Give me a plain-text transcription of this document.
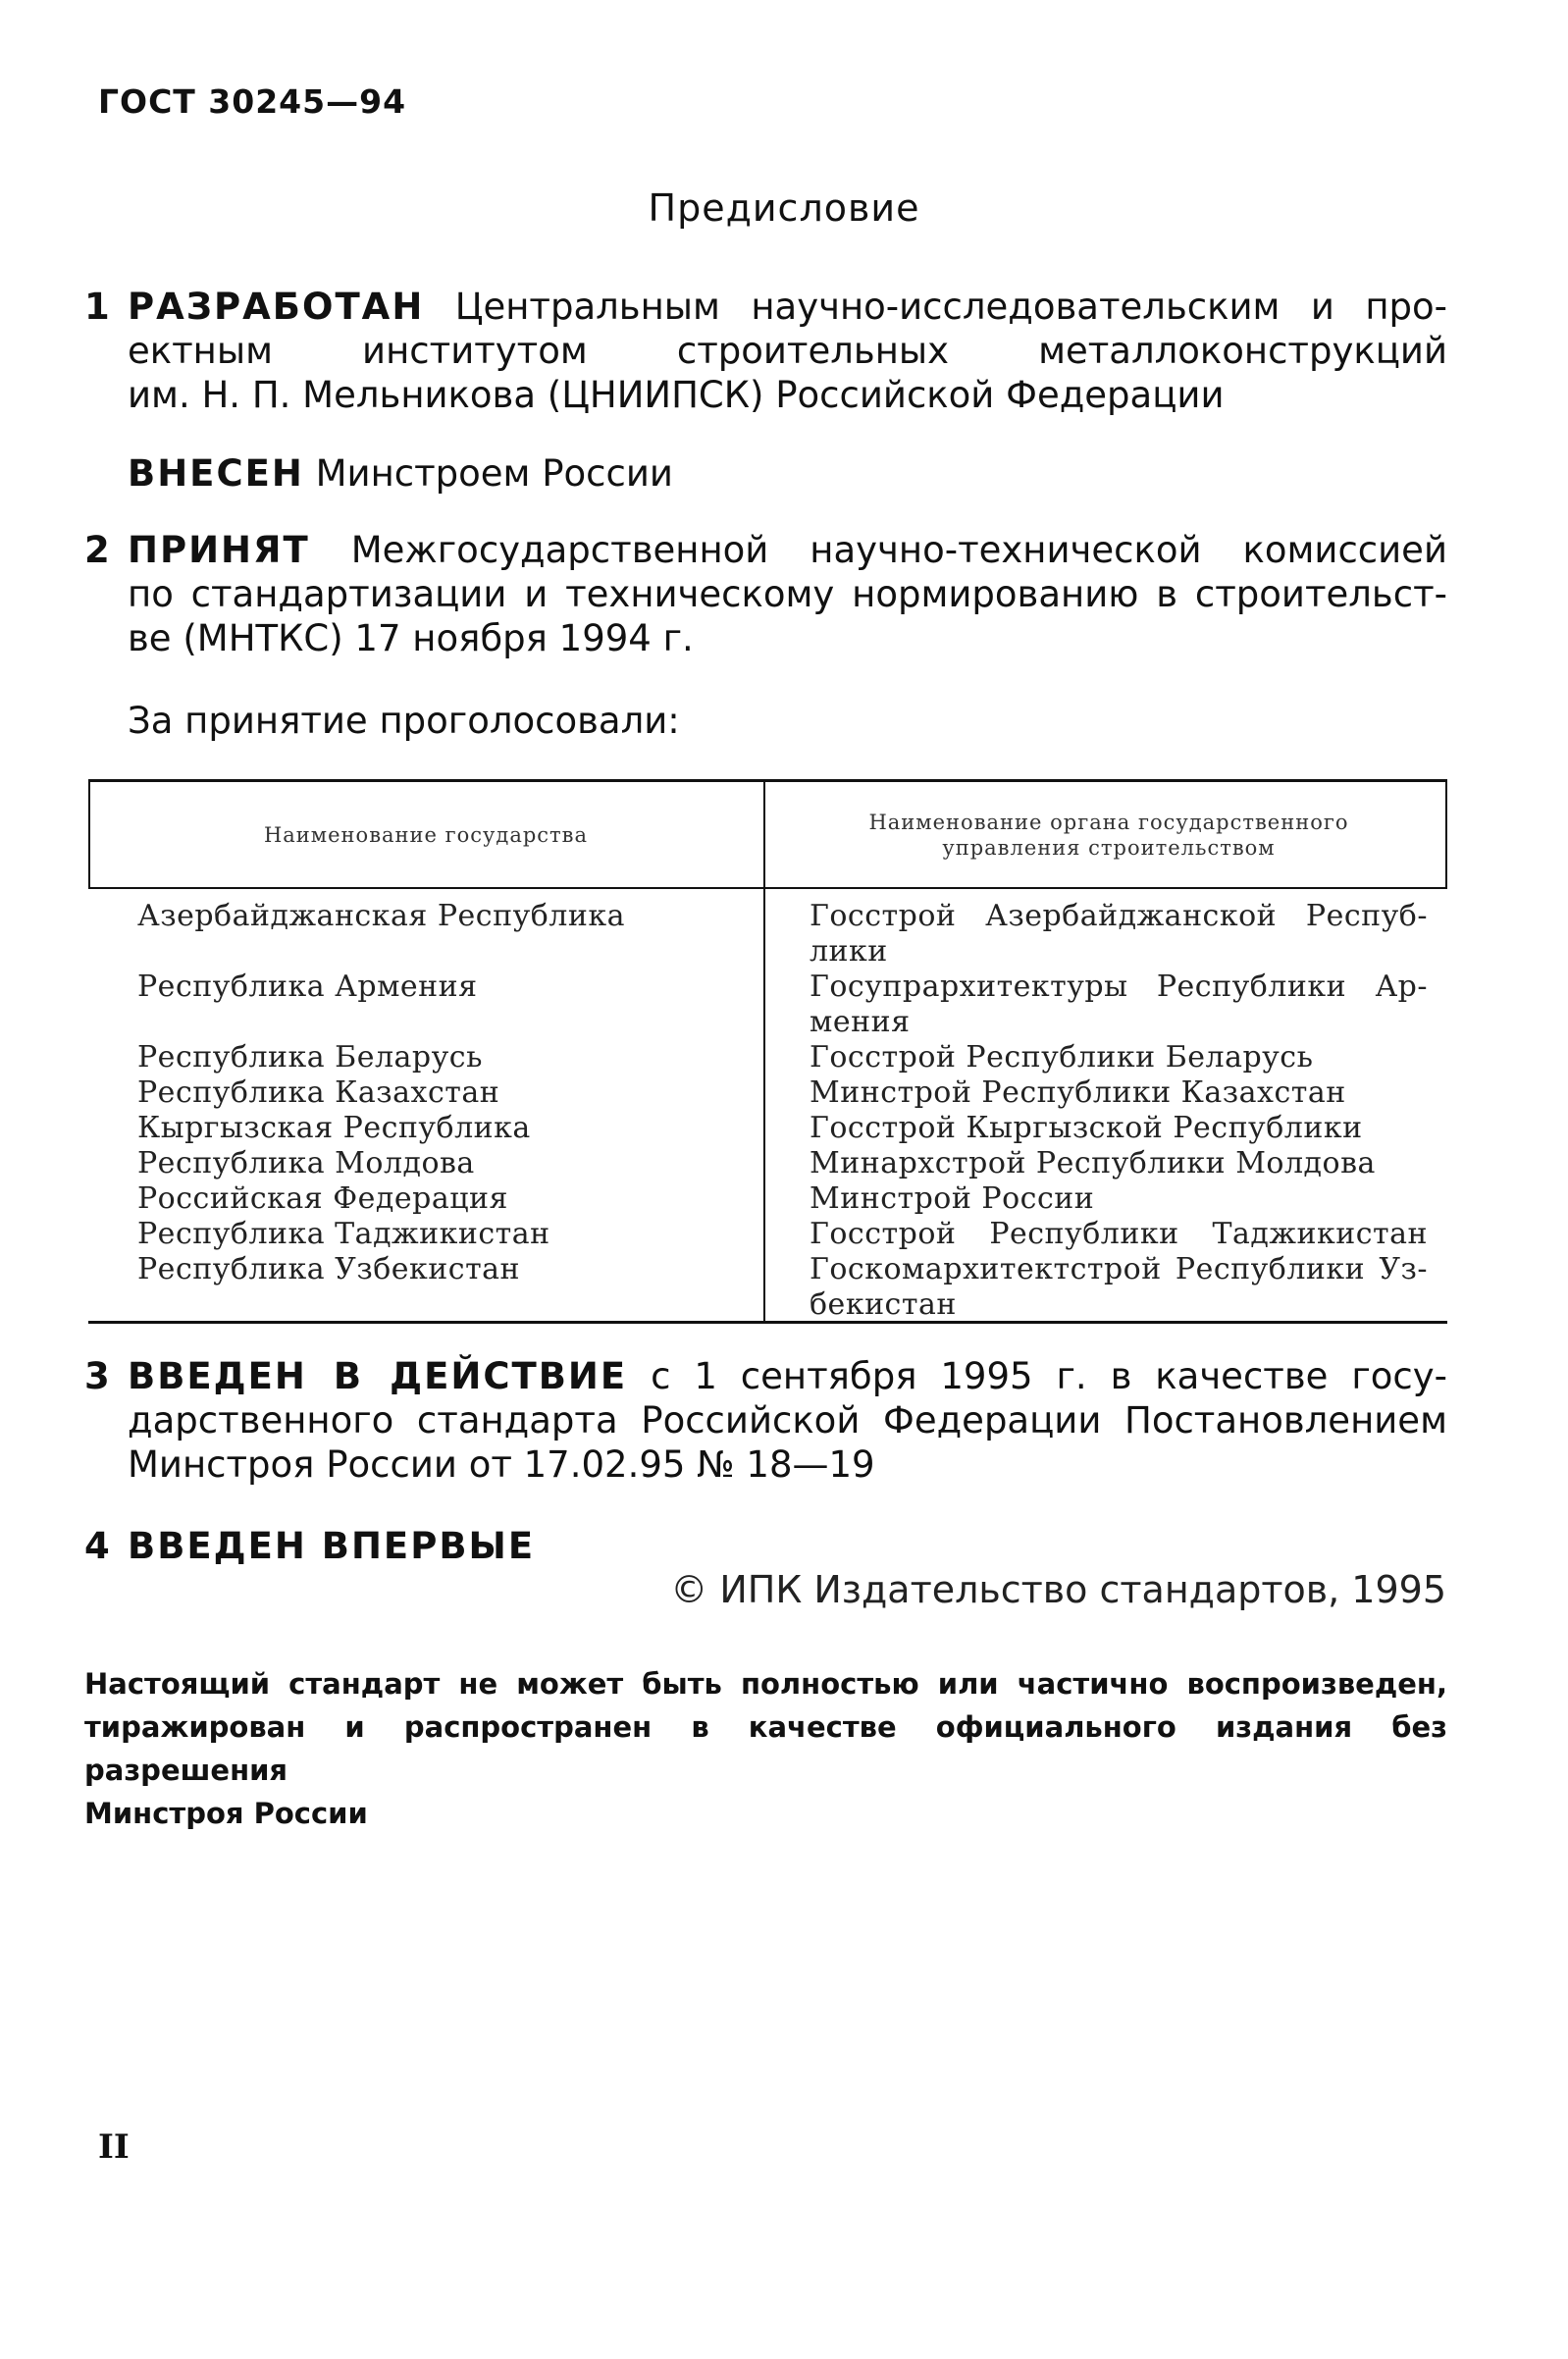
ГОСТ 30245—94
Предисловие
1 РАЗРАБОТАН Центральным научно-исследовательским и про-
ектным институтом строительных металлоконструкций
им. Н. П. Мельникова (ЦНИИПСК) Российской Федерации
ВНЕСЕН Минстроем России
2 ПРИНЯТ Межгосударственной научно-технической комиссией
по стандартизации и техническому нормированию в строительст-
ве (МНТКС) 17 ноября 1994 г.
За принятие проголосовали:
Наименование государства
Наименование органа государственного
управления строительством
Азербайджанская Республика
Республика Армения
Республика Беларусь
Республика Казахстан
Кыргызская Республика
Республика Молдова
Российская Федерация
Республика Таджикистан
Республика Узбекистан
Госстрой Азербайджанской Респуб-
лики
Госупрархитектуры Республики Ар-
мения
Госстрой Республики Беларусь
Минстрой Республики Казахстан
Госстрой Кыргызской Республики
Минархстрой Республики Молдова
Минстрой России
Госстрой Республики Таджикистан
Госкомархитектстрой Республики Уз-
бекистан
3 ВВЕДЕН В ДЕЙСТВИЕ с 1 сентября 1995 г. в качестве госу-
дарственного стандарта Российской Федерации Постановлением
Минстроя России от 17.02.95 № 18—19
4 ВВЕДЕН ВПЕРВЫЕ
© ИПК Издательство стандартов, 1995
Настоящий стандарт не может быть полностью или частично воспроизведен,
тиражирован и распространен в качестве официального издания без разрешения
Минстроя России
II
